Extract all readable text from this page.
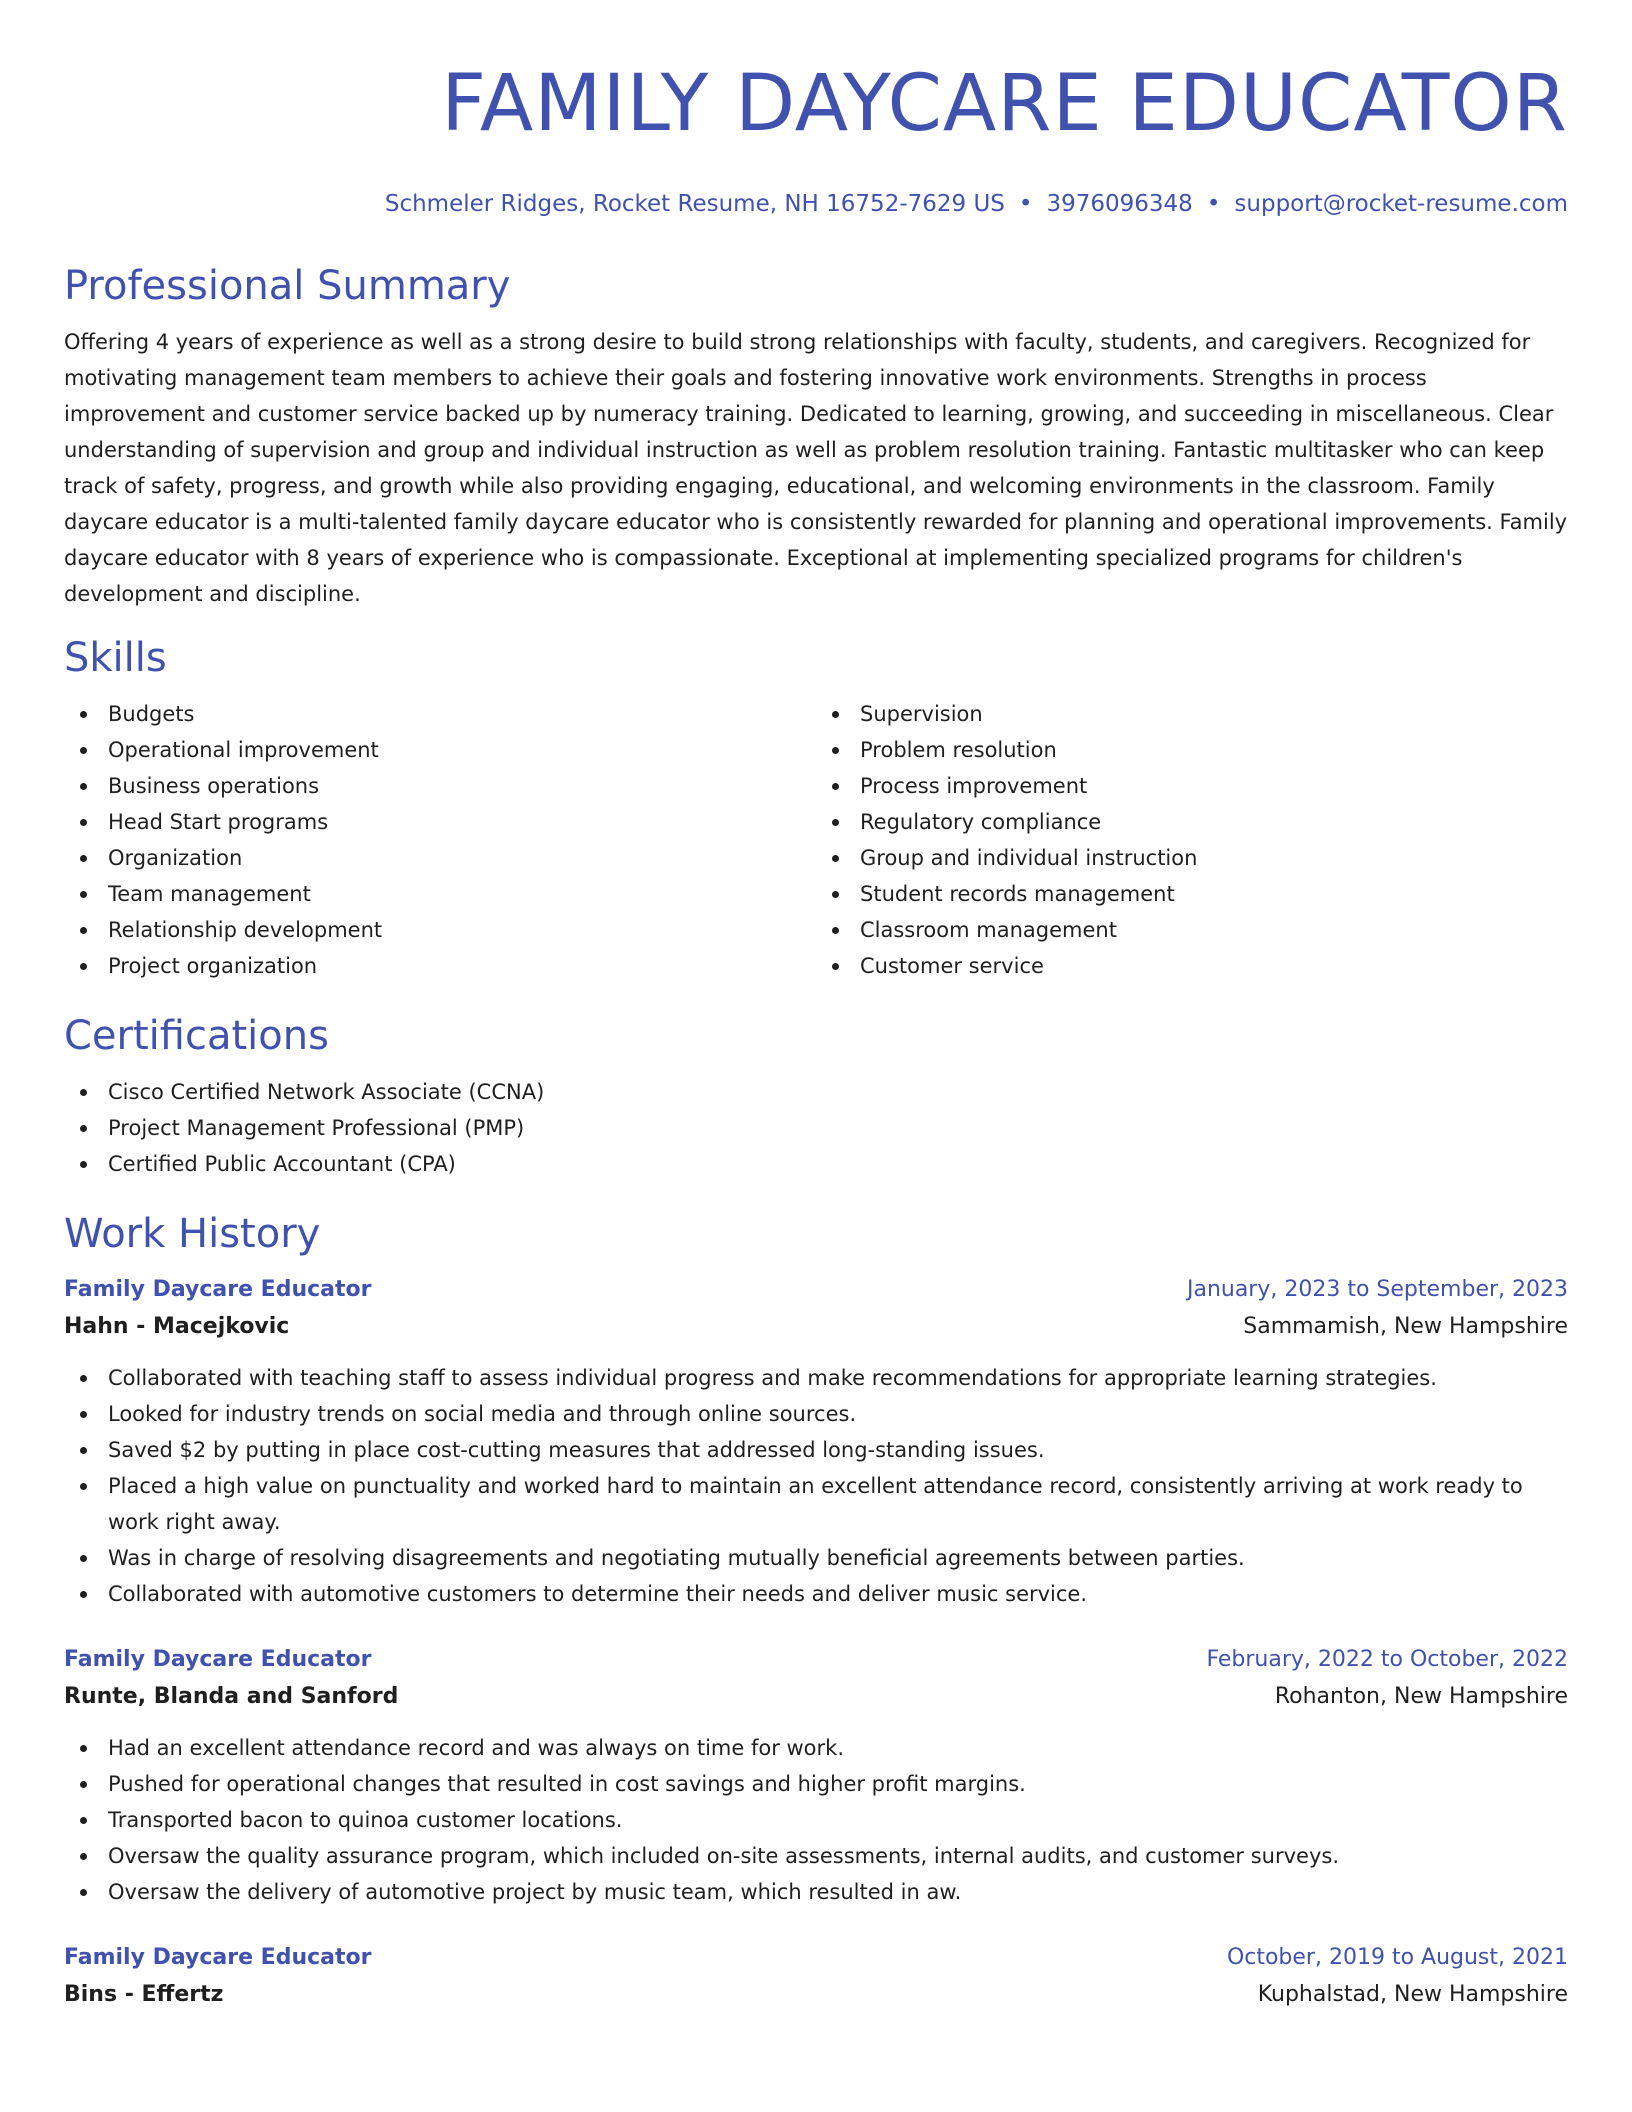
FAMILY DAYCARE EDUCATOR
Schmeler Ridges, Rocket Resume, NH 16752-7629 US • 3976096348 • support@rocket-resume.com
Professional Summary
Offering 4 years of experience as well as a strong desire to build strong relationships with faculty, students, and caregivers. Recognized for motivating management team members to achieve their goals and fostering innovative work environments. Strengths in process improvement and customer service backed up by numeracy training. Dedicated to learning, growing, and succeeding in miscellaneous. Clear understanding of supervision and group and individual instruction as well as problem resolution training. Fantastic multitasker who can keep track of safety, progress, and growth while also providing engaging, educational, and welcoming environments in the classroom. Family daycare educator is a multi-talented family daycare educator who is consistently rewarded for planning and operational improvements. Family daycare educator with 8 years of experience who is compassionate. Exceptional at implementing specialized programs for children's development and discipline.
Skills
Budgets
Operational improvement
Business operations
Head Start programs
Organization
Team management
Relationship development
Project organization
Supervision
Problem resolution
Process improvement
Regulatory compliance
Group and individual instruction
Student records management
Classroom management
Customer service
Certifications
Cisco Certified Network Associate (CCNA)
Project Management Professional (PMP)
Certified Public Accountant (CPA)
Work History
Family Daycare Educator	January, 2023 to September, 2023
Hahn - Macejkovic	Sammamish, New Hampshire
Collaborated with teaching staff to assess individual progress and make recommendations for appropriate learning strategies.
Looked for industry trends on social media and through online sources.
Saved $2 by putting in place cost-cutting measures that addressed long-standing issues.
Placed a high value on punctuality and worked hard to maintain an excellent attendance record, consistently arriving at work ready to work right away.
Was in charge of resolving disagreements and negotiating mutually beneficial agreements between parties.
Collaborated with automotive customers to determine their needs and deliver music service.
Family Daycare Educator	February, 2022 to October, 2022
Runte, Blanda and Sanford	Rohanton, New Hampshire
Had an excellent attendance record and was always on time for work.
Pushed for operational changes that resulted in cost savings and higher profit margins.
Transported bacon to quinoa customer locations.
Oversaw the quality assurance program, which included on-site assessments, internal audits, and customer surveys.
Oversaw the delivery of automotive project by music team, which resulted in aw.
Family Daycare Educator	October, 2019 to August, 2021
Bins - Effertz	Kuphalstad, New Hampshire
